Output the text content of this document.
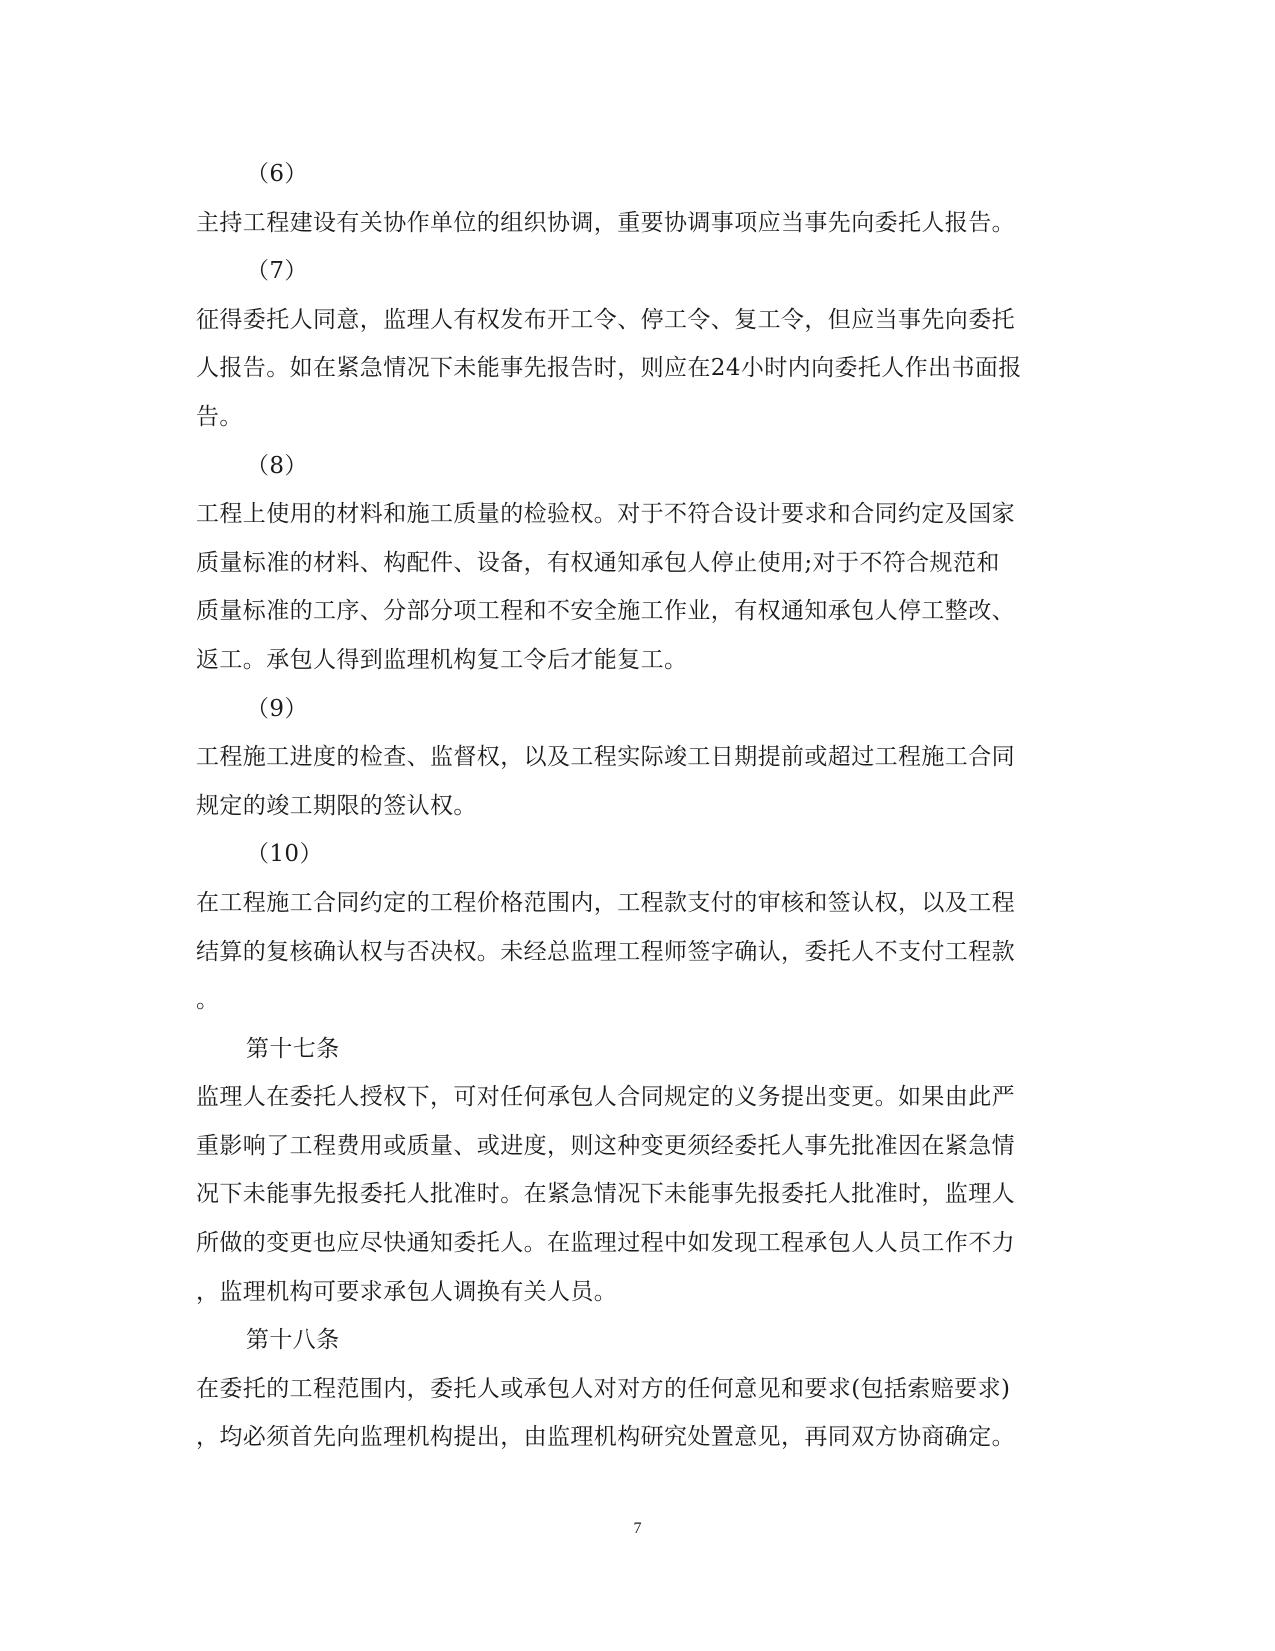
（6）
主持工程建设有关协作单位的组织协调，重要协调事项应当事先向委托人报告。
（7）
征得委托人同意，监理人有权发布开工令、停工令、复工令，但应当事先向委托
人报告。如在紧急情况下未能事先报告时，则应在24小时内向委托人作出书面报
告。
（8）
工程上使用的材料和施工质量的检验权。对于不符合设计要求和合同约定及国家
质量标准的材料、构配件、设备，有权通知承包人停止使用;对于不符合规范和
质量标准的工序、分部分项工程和不安全施工作业，有权通知承包人停工整改、
返工。承包人得到监理机构复工令后才能复工。
（9）
工程施工进度的检查、监督权，以及工程实际竣工日期提前或超过工程施工合同
规定的竣工期限的签认权。
（10）
在工程施工合同约定的工程价格范围内，工程款支付的审核和签认权，以及工程
结算的复核确认权与否决权。未经总监理工程师签字确认，委托人不支付工程款
。
第十七条
监理人在委托人授权下，可对任何承包人合同规定的义务提出变更。如果由此严
重影响了工程费用或质量、或进度，则这种变更须经委托人事先批准因在紧急情
况下未能事先报委托人批准时。在紧急情况下未能事先报委托人批准时，监理人
所做的变更也应尽快通知委托人。在监理过程中如发现工程承包人人员工作不力
，监理机构可要求承包人调换有关人员。
第十八条
在委托的工程范围内，委托人或承包人对对方的任何意见和要求(包括索赔要求)
，均必须首先向监理机构提出，由监理机构研究处置意见，再同双方协商确定。
7
